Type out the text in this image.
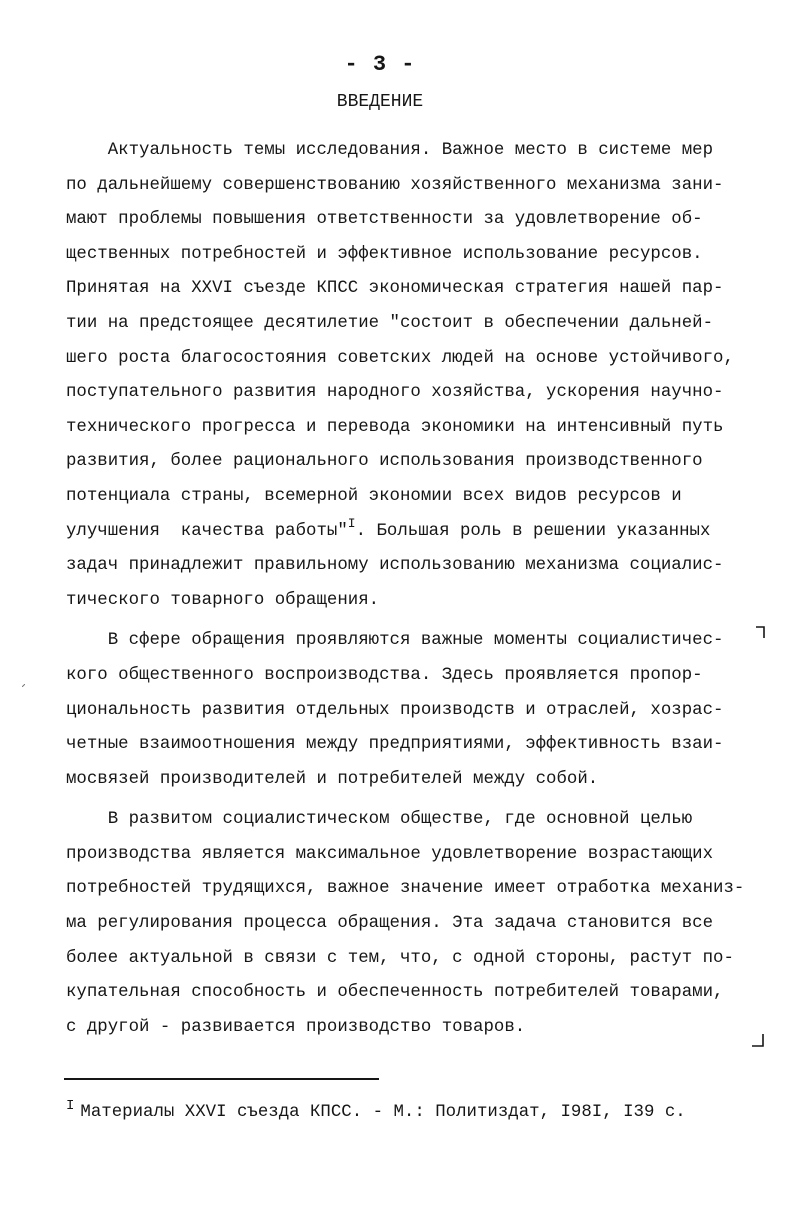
- 3 -
ВВЕДЕНИЕ
Актуальность темы исследования. Важное место в системе мер
по дальнейшему совершенствованию хозяйственного механизма зани-
мают проблемы повышения ответственности за удовлетворение об-
щественных потребностей и эффективное использование ресурсов.
Принятая на XXVI съезде КПСС экономическая стратегия нашей пар-
тии на предстоящее десятилетие "состоит в обеспечении дальней-
шего роста благосостояния советских людей на основе устойчивого,
поступательного развития народного хозяйства, ускорения научно-
технического прогресса и перевода экономики на интенсивный путь
развития, более рационального использования производственного
потенциала страны, всемерной экономии всех видов ресурсов и
улучшения  качества работы"$^I$. Большая роль в решении указанных
задач принадлежит правильному использованию механизма социалис-
тического товарного обращения.
В сфере обращения проявляются важные моменты социалистичес-
кого общественного воспроизводства. Здесь проявляется пропор-
циональность развития отдельных производств и отраслей, хозрас-
четные взаимоотношения между предприятиями, эффективность взаи-
мосвязей производителей и потребителей между собой.
В развитом социалистическом обществе, где основной целью
производства является максимальное удовлетворение возрастающих
потребностей трудящихся, важное значение имеет отработка механиз-
ма регулирования процесса обращения. Эта задача становится все
более актуальной в связи с тем, что, с одной стороны, растут по-
купательная способность и обеспеченность потребителей товарами,
с другой - развивается производство товаров.
$^I$ Материалы XXVI съезда КПСС. - М.: Политиздат, I98I, I39 с.
